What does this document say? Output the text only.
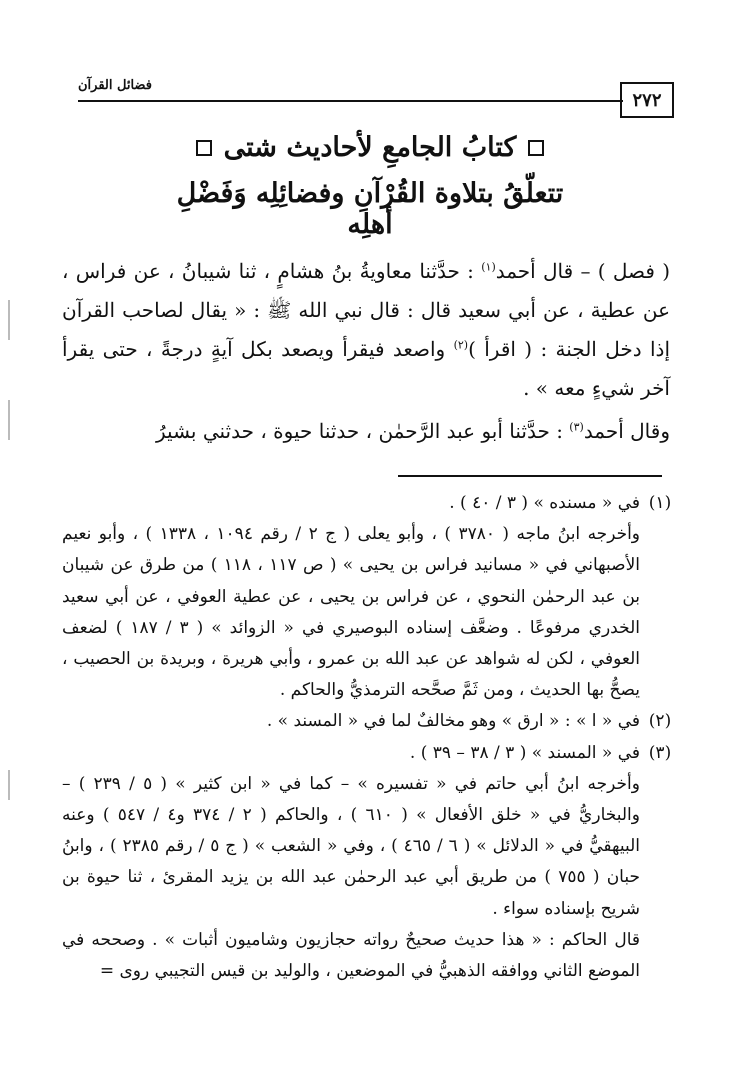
فضائل القرآن
٢٧٢
كتابُ الجامعِ لأحاديث شتى
تتعلّقُ بتلاوة القُرْآنِ وفضائِلِه وَفَضْلِ أهلِه

( فصل ) – قال أحمد$^{(١)}$ : حدَّثنا معاويةُ بنُ هشامٍ ، ثنا شيبانُ ، عن فراس ، عن عطية ، عن أبي سعيد قال : قال نبي الله ﷺ : « يقال لصاحب القرآن إذا دخل الجنة : ( اقرأ )$^{(٢)}$ واصعد فيقرأ ويصعد بكل آيةٍ درجةً ، حتى يقرأ آخر شيءٍ معه » .

وقال أحمد$^{(٣)}$ : حدَّثنا أبو عبد الرَّحمٰن ، حدثنا حيوة ، حدثني بشيرُ

(١)

في « مسنده » ( ٣ / ٤٠ ) .

وأخرجه ابنُ ماجه ( ٣٧٨٠ ) ، وأبو يعلى ( ج ٢ / رقم ١٠٩٤ ، ١٣٣٨ ) ، وأبو نعيم الأصبهاني في « مسانيد فراس بن يحيى » ( ص ١١٧ ، ١١٨ ) من طرق عن شيبان بن عبد الرحمٰن النحوي ، عن فراس بن يحيى ، عن عطية العوفي ، عن أبي سعيد الخدري مرفوعًا . وضعَّف إسناده البوصيري في « الزوائد » ( ٣ / ١٨٧ ) لضعف العوفي ، لكن له شواهد عن عبد الله بن عمرو ، وأبي هريرة ، وبريدة بن الحصيب ، يصحُّ بها الحديث ، ومن ثَمَّ صحَّحه الترمذيُّ والحاكم .

(٢)

في « ا » : « ارق » وهو مخالفٌ لما في « المسند » .

(٣)

في « المسند » ( ٣ / ٣٨ – ٣٩ ) .

وأخرجه ابنُ أبي حاتم في « تفسيره » – كما في « ابن كثير » ( ٥ / ٢٣٩ ) – والبخاريُّ في « خلق الأفعال » ( ٦١٠ ) ، والحاكم ( ٢ / ٣٧٤ و٤ / ٥٤٧ ) وعنه البيهقيُّ في « الدلائل » ( ٦ / ٤٦٥ ) ، وفي « الشعب » ( ج ٥ / رقم ٢٣٨٥ ) ، وابنُ حبان ( ٧٥٥ ) من طريق أبي عبد الرحمٰن عبد الله بن يزيد المقرئ ، ثنا حيوة بن شريح بإسناده سواء .

قال الحاكم : « هذا حديث صحيحٌ رواته حجازيون وشاميون أثبات » . وصححه في الموضع الثاني ووافقه الذهبيُّ في الموضعين ، والوليد بن قيس التجيبي روى =
